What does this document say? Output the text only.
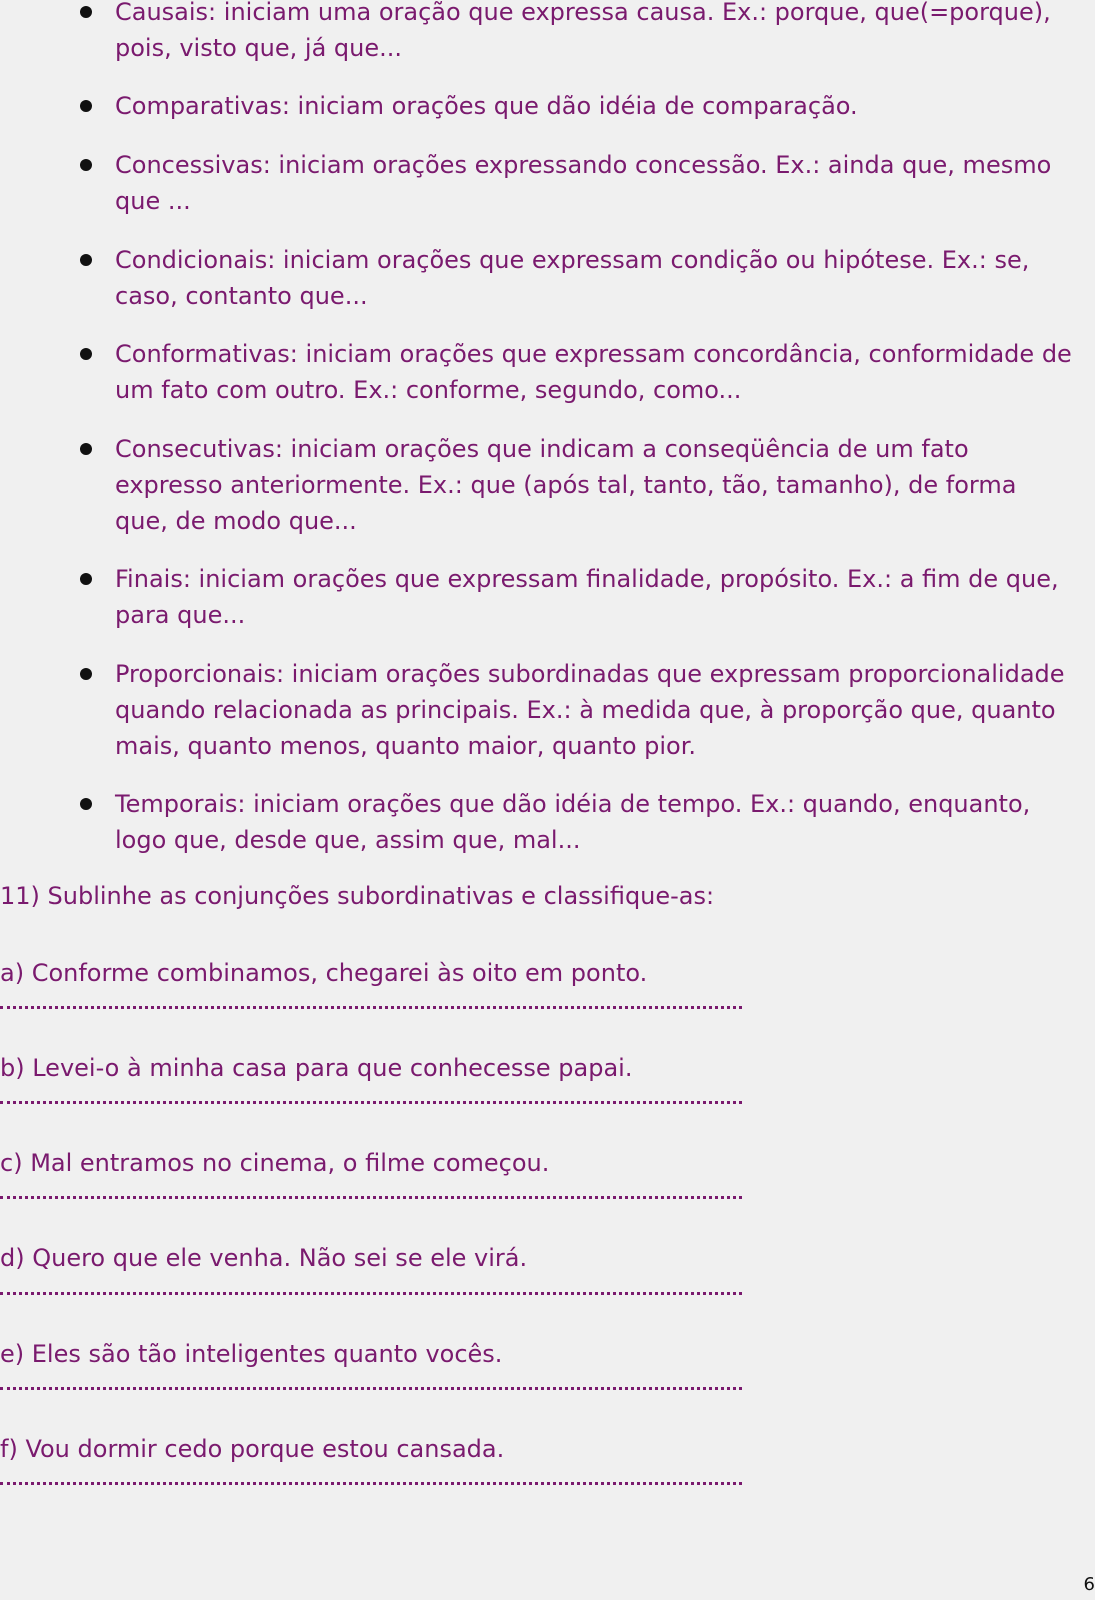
Causais: iniciam uma oração que expressa causa. Ex.: porque, que(=porque), pois, visto que, já que...
Comparativas: iniciam orações que dão idéia de comparação.
Concessivas: iniciam orações expressando concessão. Ex.: ainda que, mesmo que ...
Condicionais: iniciam orações que expressam condição ou hipótese. Ex.: se, caso, contanto que...
Conformativas: iniciam orações que expressam concordância, conformidade de um fato com outro. Ex.: conforme, segundo, como...
Consecutivas: iniciam orações que indicam a conseqüência de um fato expresso anteriormente. Ex.: que (após tal, tanto, tão, tamanho), de forma que, de modo que...
Finais: iniciam orações que expressam finalidade, propósito. Ex.: a fim de que, para que...
Proporcionais: iniciam orações subordinadas que expressam proporcionalidade quando relacionada as principais. Ex.: à medida que, à proporção que, quanto mais, quanto menos, quanto maior, quanto pior.
Temporais: iniciam orações que dão idéia de tempo. Ex.: quando, enquanto, logo que, desde que, assim que, mal...
11) Sublinhe as conjunções subordinativas e classifique-as:
a) Conforme combinamos, chegarei às oito em ponto.
b) Levei-o à minha casa para que conhecesse papai.
c) Mal entramos no cinema, o filme começou.
d) Quero que ele venha. Não sei se ele virá.
e) Eles são tão inteligentes quanto vocês.
f) Vou dormir cedo porque estou cansada.
6
